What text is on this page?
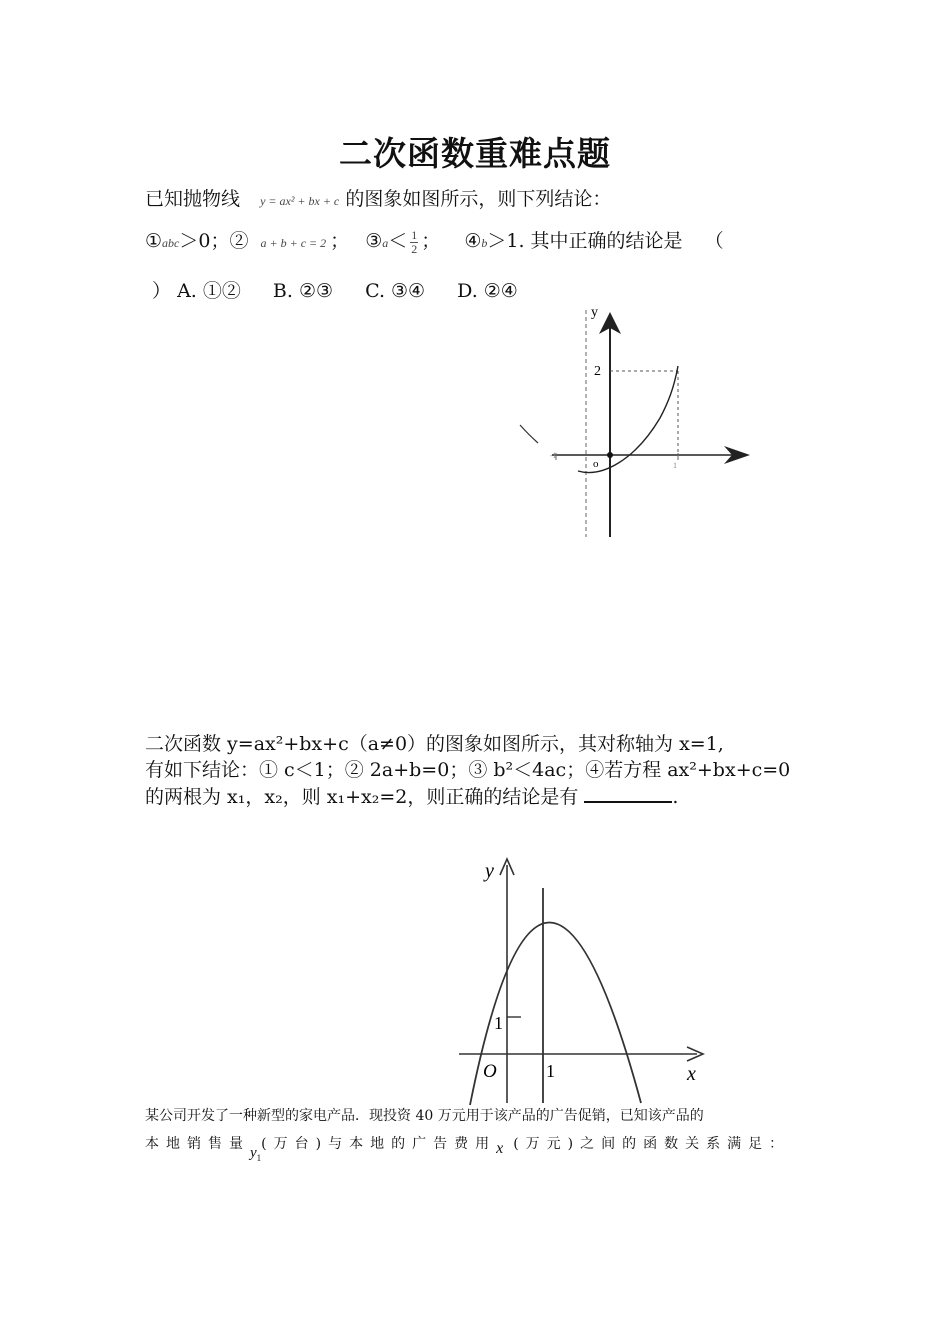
二次函数重难点题
已知抛物线 y = ax² + bx + c 的图象如图所示，则下列结论：
①abc＞0；② a + b + c = 2 ； ③a＜ $\frac{1}{2}$ ； ④b＞1. 其中正确的结论是 （
） A. ①② B. ②③ C. ③④ D. ②④
y
2
o
-1
1
二次函数 y=ax²+bx+c（a≠0）的图象如图所示，其对称轴为 x=1,
有如下结论：① c＜1；② 2a+b=0；③ b²＜4ac；④若方程 ax²+bx+c=0
的两根为 x₁，x₂，则 x₁+x₂=2，则正确的结论是有	.
y
x
O
1
1
某公司开发了一种新型的家电产品．现投资 40 万元用于该产品的广告促销，已知该产品的
本地销售量$y_1$(万台)与本地的广告费用x (万元)之间的函数关系满足：
